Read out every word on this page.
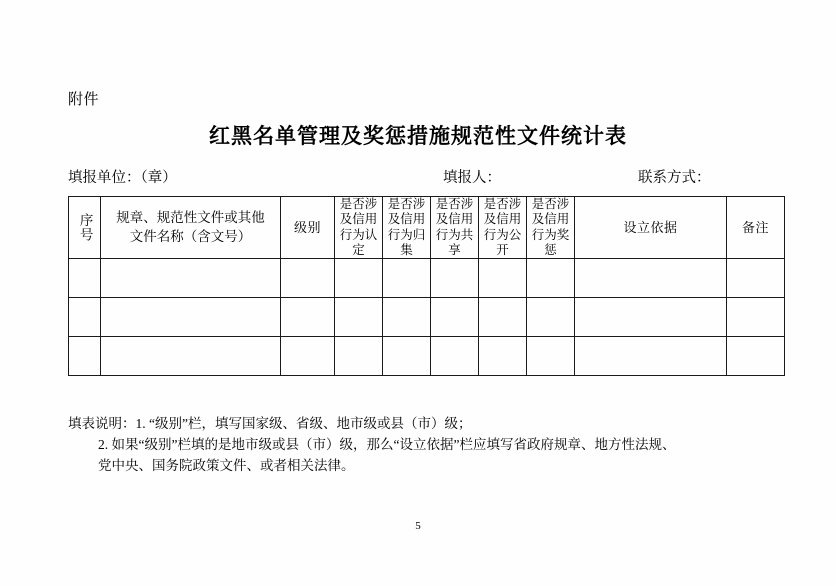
附件
红黑名单管理及奖惩措施规范性文件统计表
填报单位：（章）	填报人：	联系方式：
序号	规章、规范性文件或其他文件名称（含文号）	级别	是否涉及信用行为认定	是否涉及信用行为归集	是否涉及信用行为共享	是否涉及信用行为公开	是否涉及信用行为奖惩	设立依据	备注

填表说明：1. “级别”栏，填写国家级、省级、地市级或县（市）级；
2. 如果“级别”栏填的是地市级或县（市）级，那么“设立依据”栏应填写省政府规章、地方性法规、
党中央、国务院政策文件、或者相关法律。
5
